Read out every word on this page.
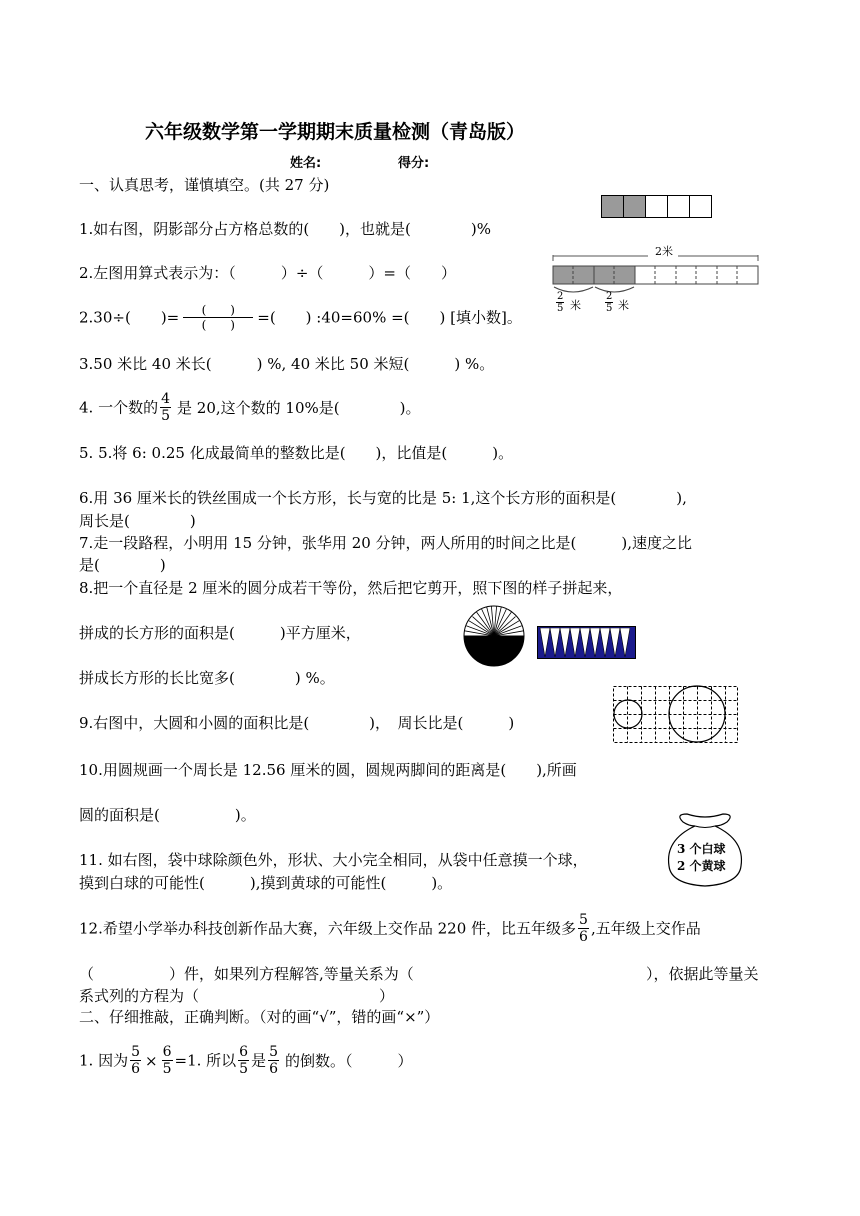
六年级数学第一学期期末质量检测（青岛版）
姓名:	得分:
一、认真思考，谨慎填空。(共 27 分)
1.如右图，阴影部分占方格总数的(　　)，也就是(　　　　)%
2米
$\frac{2}{5}$ 米 $\frac{2}{5}$ 米
2.左图用算式表示为：（　　　）÷（　　　）=（　　）
2.30÷(　　)= $\frac{( )}{( )}$ =(　　) :40=60% =(　　) [填小数]。
3.50 米比 40 米长(　　　) %, 40 米比 50 米短(　　　) %。
4. 一个数的 $\frac{4}{5}$ 是 20,这个数的 10%是(　　　　)。
5. 5.将 6: 0.25 化成最简单的整数比是(　　)，比值是(　　　)。
6.用 36 厘米长的铁丝围成一个长方形，长与宽的比是 5: 1,这个长方形的面积是(　　　　),
周长是(　　　　)
7.走一段路程，小明用 15 分钟，张华用 20 分钟，两人所用的时间之比是(　　　),速度之比
是(　　　　)
8.把一个直径是 2 厘米的圆分成若干等份，然后把它剪开，照下图的样子拼起来，
拼成的长方形的面积是(　　　)平方厘米，
拼成长方形的长比宽多(　　　　) %。
9.右图中，大圆和小圆的面积比是(　　　　)，　周长比是(　　　)
10.用圆规画一个周长是 12.56 厘米的圆，圆规两脚间的距离是(　　),所画
圆的面积是(　　　　　)。
3 个白球
2 个黄球
11. 如右图，袋中球除颜色外，形状、大小完全相同，从袋中任意摸一个球，
摸到白球的可能性(　　　),摸到黄球的可能性(　　　)。
12.希望小学举办科技创新作品大赛，六年级上交作品 220 件，比五年级多 $\frac{5}{6}$ ,五年级上交作品
（　　　　　）件，如果列方程解答,等量关系为（	），依据此等量关
系式列的方程为（　　　　　　　　　　　　）
二、仔细推敲，正确判断。（对的画“√”，错的画“×”）
1. 因为 $\frac{5}{6} \times \frac{6}{5} =1$. 所以 $\frac{6}{5}$ 是 $\frac{5}{6}$ 的倒数。（　　　）
